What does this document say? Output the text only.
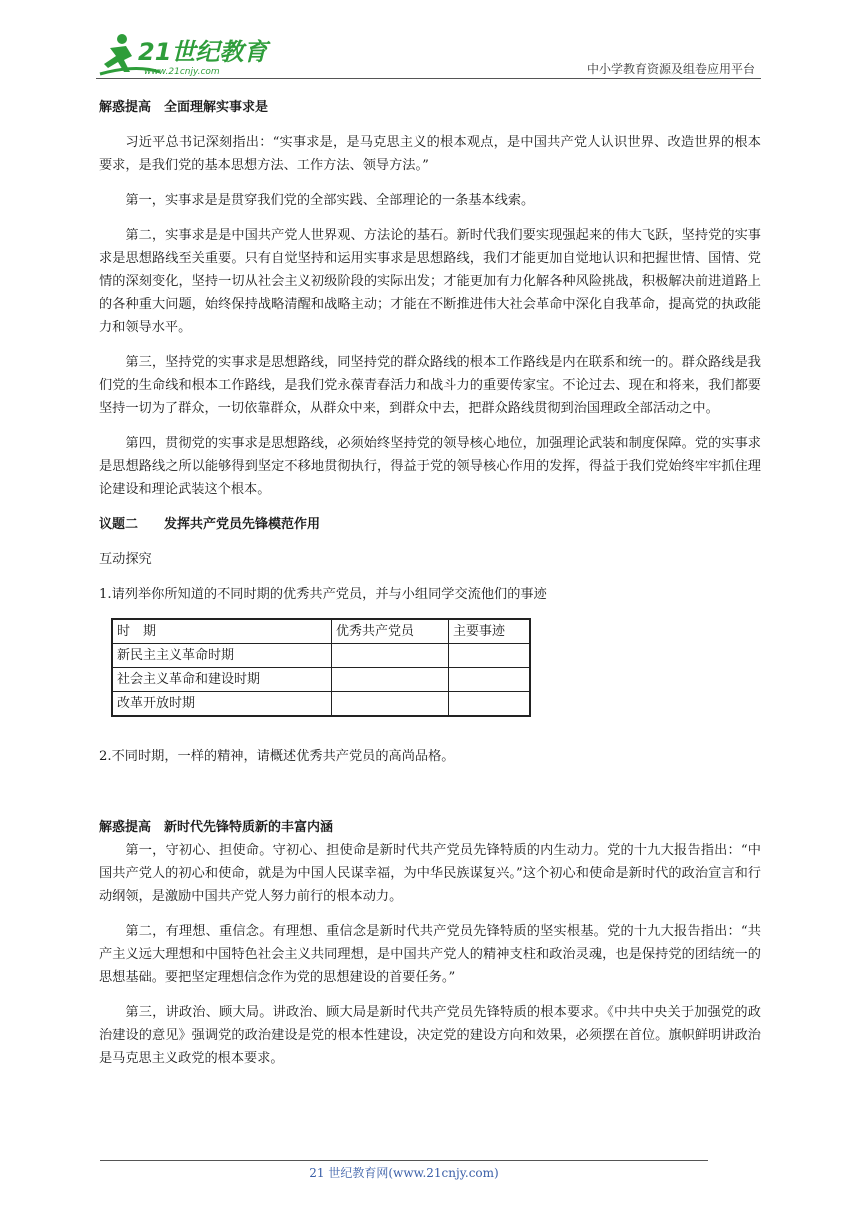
21世纪教育
www.21cnjy.com	中小学教育资源及组卷应用平台
解惑提高　全面理解实事求是
习近平总书记深刻指出：“实事求是，是马克思主义的根本观点，是中国共产党人认识世界、改造世界的根本要求，是我们党的基本思想方法、工作方法、领导方法。”
第一，实事求是是贯穿我们党的全部实践、全部理论的一条基本线索。
第二，实事求是是中国共产党人世界观、方法论的基石。新时代我们要实现强起来的伟大飞跃，坚持党的实事求是思想路线至关重要。只有自觉坚持和运用实事求是思想路线，我们才能更加自觉地认识和把握世情、国情、党情的深刻变化，坚持一切从社会主义初级阶段的实际出发；才能更加有力化解各种风险挑战，积极解决前进道路上的各种重大问题，始终保持战略清醒和战略主动；才能在不断推进伟大社会革命中深化自我革命，提高党的执政能力和领导水平。
第三，坚持党的实事求是思想路线，同坚持党的群众路线的根本工作路线是内在联系和统一的。群众路线是我们党的生命线和根本工作路线，是我们党永葆青春活力和战斗力的重要传家宝。不论过去、现在和将来，我们都要坚持一切为了群众，一切依靠群众，从群众中来，到群众中去，把群众路线贯彻到治国理政全部活动之中。
第四，贯彻党的实事求是思想路线，必须始终坚持党的领导核心地位，加强理论武装和制度保障。党的实事求是思想路线之所以能够得到坚定不移地贯彻执行，得益于党的领导核心作用的发挥，得益于我们党始终牢牢抓住理论建设和理论武装这个根本。
议题二　　发挥共产党员先锋模范作用
互动探究
1.请列举你所知道的不同时期的优秀共产党员，并与小组同学交流他们的事迹
时　期	优秀共产党员	主要事迹
新民主主义革命时期		
社会主义革命和建设时期		
改革开放时期		
2.不同时期，一样的精神，请概述优秀共产党员的高尚品格。
解惑提高　新时代先锋特质新的丰富内涵
第一，守初心、担使命。守初心、担使命是新时代共产党员先锋特质的内生动力。党的十九大报告指出：“中国共产党人的初心和使命，就是为中国人民谋幸福，为中华民族谋复兴。”这个初心和使命是新时代的政治宣言和行动纲领，是激励中国共产党人努力前行的根本动力。
第二，有理想、重信念。有理想、重信念是新时代共产党员先锋特质的坚实根基。党的十九大报告指出：“共产主义远大理想和中国特色社会主义共同理想，是中国共产党人的精神支柱和政治灵魂，也是保持党的团结统一的思想基础。要把坚定理想信念作为党的思想建设的首要任务。”
第三，讲政治、顾大局。讲政治、顾大局是新时代共产党员先锋特质的根本要求。《中共中央关于加强党的政治建设的意见》强调党的政治建设是党的根本性建设，决定党的建设方向和效果，必须摆在首位。旗帜鲜明讲政治是马克思主义政党的根本要求。
21 世纪教育网(www.21cnjy.com)
